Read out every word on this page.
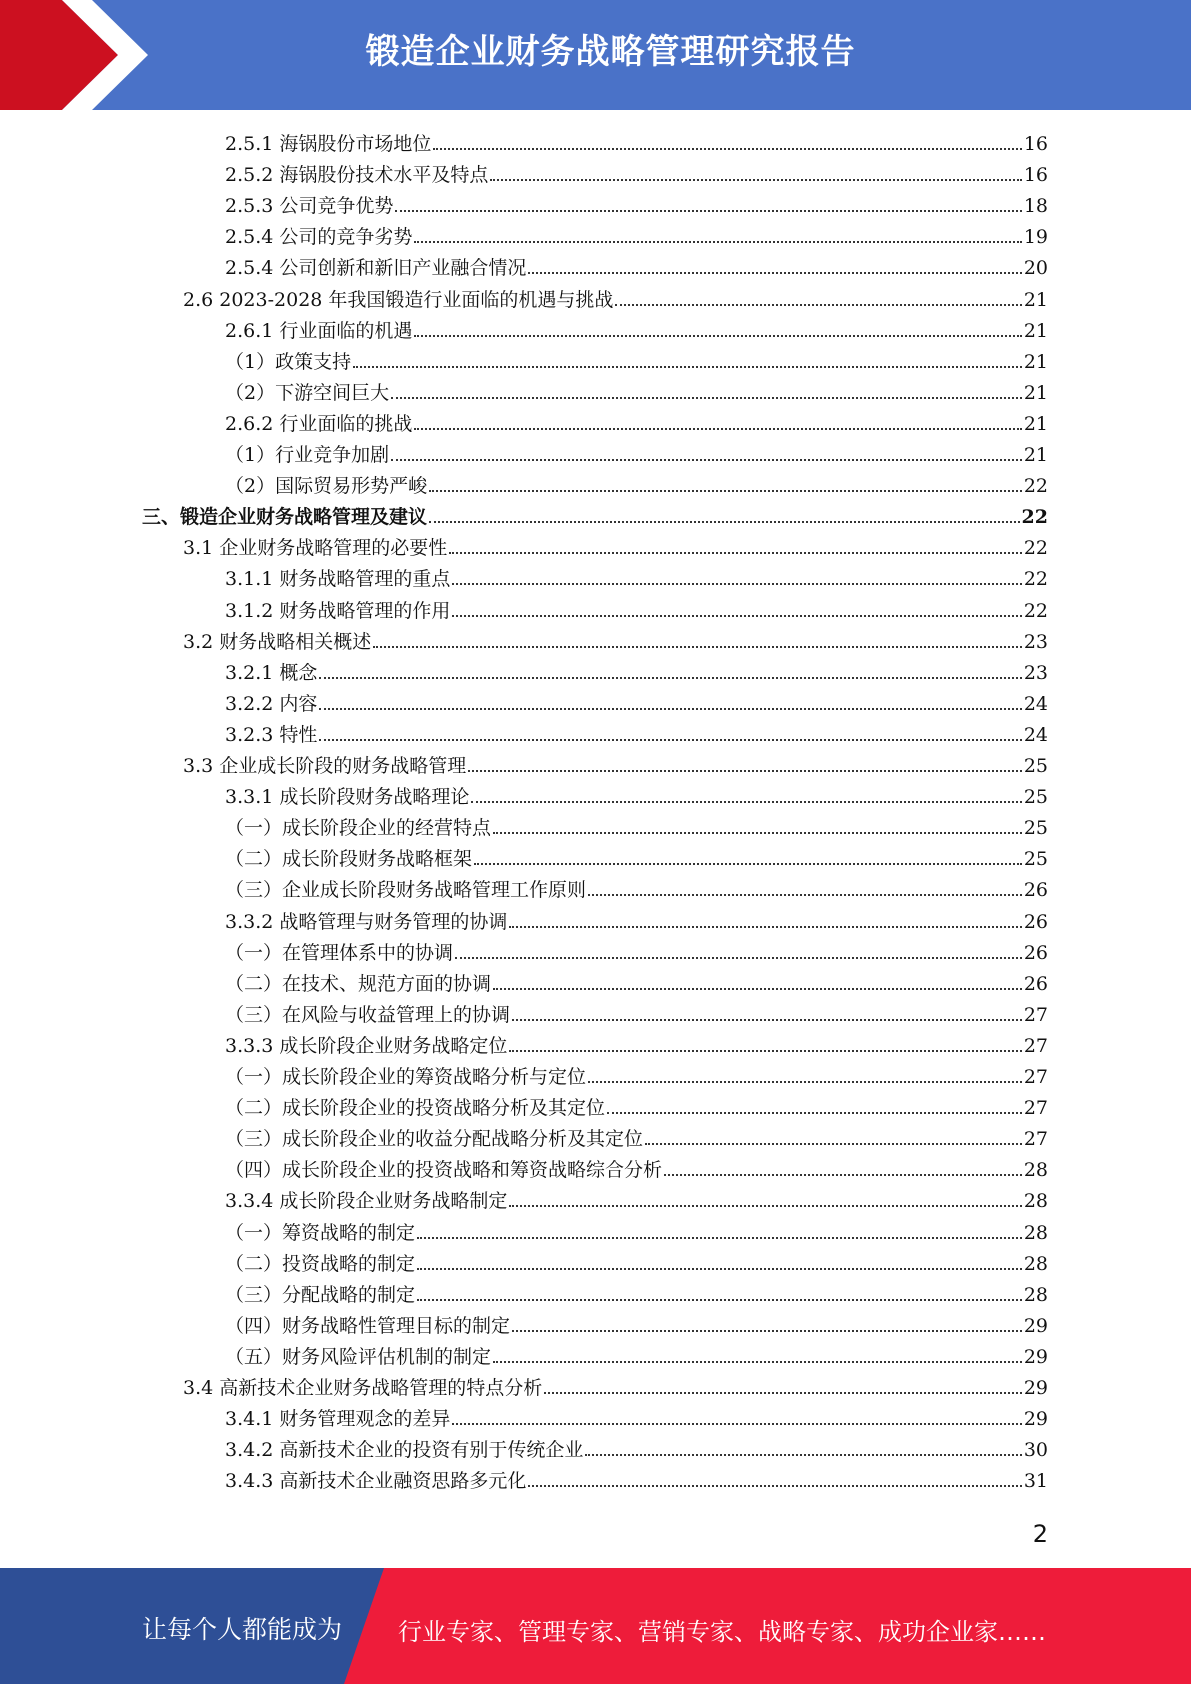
锻造企业财务战略管理研究报告
2.5.1 海锅股份市场地位	16
2.5.2 海锅股份技术水平及特点	16
2.5.3 公司竞争优势	18
2.5.4 公司的竞争劣势	19
2.5.4 公司创新和新旧产业融合情况	20
2.6 2023-2028 年我国锻造行业面临的机遇与挑战	21
2.6.1 行业面临的机遇	21
（1）政策支持	21
（2）下游空间巨大	21
2.6.2 行业面临的挑战	21
（1）行业竞争加剧	21
（2）国际贸易形势严峻	22
三、锻造企业财务战略管理及建议	22
3.1 企业财务战略管理的必要性	22
3.1.1 财务战略管理的重点	22
3.1.2 财务战略管理的作用	22
3.2 财务战略相关概述	23
3.2.1 概念	23
3.2.2 内容	24
3.2.3 特性	24
3.3 企业成长阶段的财务战略管理	25
3.3.1 成长阶段财务战略理论	25
（一）成长阶段企业的经营特点	25
（二）成长阶段财务战略框架	25
（三）企业成长阶段财务战略管理工作原则	26
3.3.2 战略管理与财务管理的协调	26
（一）在管理体系中的协调	26
（二）在技术、规范方面的协调	26
（三）在风险与收益管理上的协调	27
3.3.3 成长阶段企业财务战略定位	27
（一）成长阶段企业的筹资战略分析与定位	27
（二）成长阶段企业的投资战略分析及其定位	27
（三）成长阶段企业的收益分配战略分析及其定位	27
（四）成长阶段企业的投资战略和筹资战略综合分析	28
3.3.4 成长阶段企业财务战略制定	28
（一）筹资战略的制定	28
（二）投资战略的制定	28
（三）分配战略的制定	28
（四）财务战略性管理目标的制定	29
（五）财务风险评估机制的制定	29
3.4 高新技术企业财务战略管理的特点分析	29
3.4.1 财务管理观念的差异	29
3.4.2 高新技术企业的投资有别于传统企业	30
3.4.3 高新技术企业融资思路多元化	31
2
让每个人都能成为 行业专家、管理专家、营销专家、战略专家、成功企业家……
